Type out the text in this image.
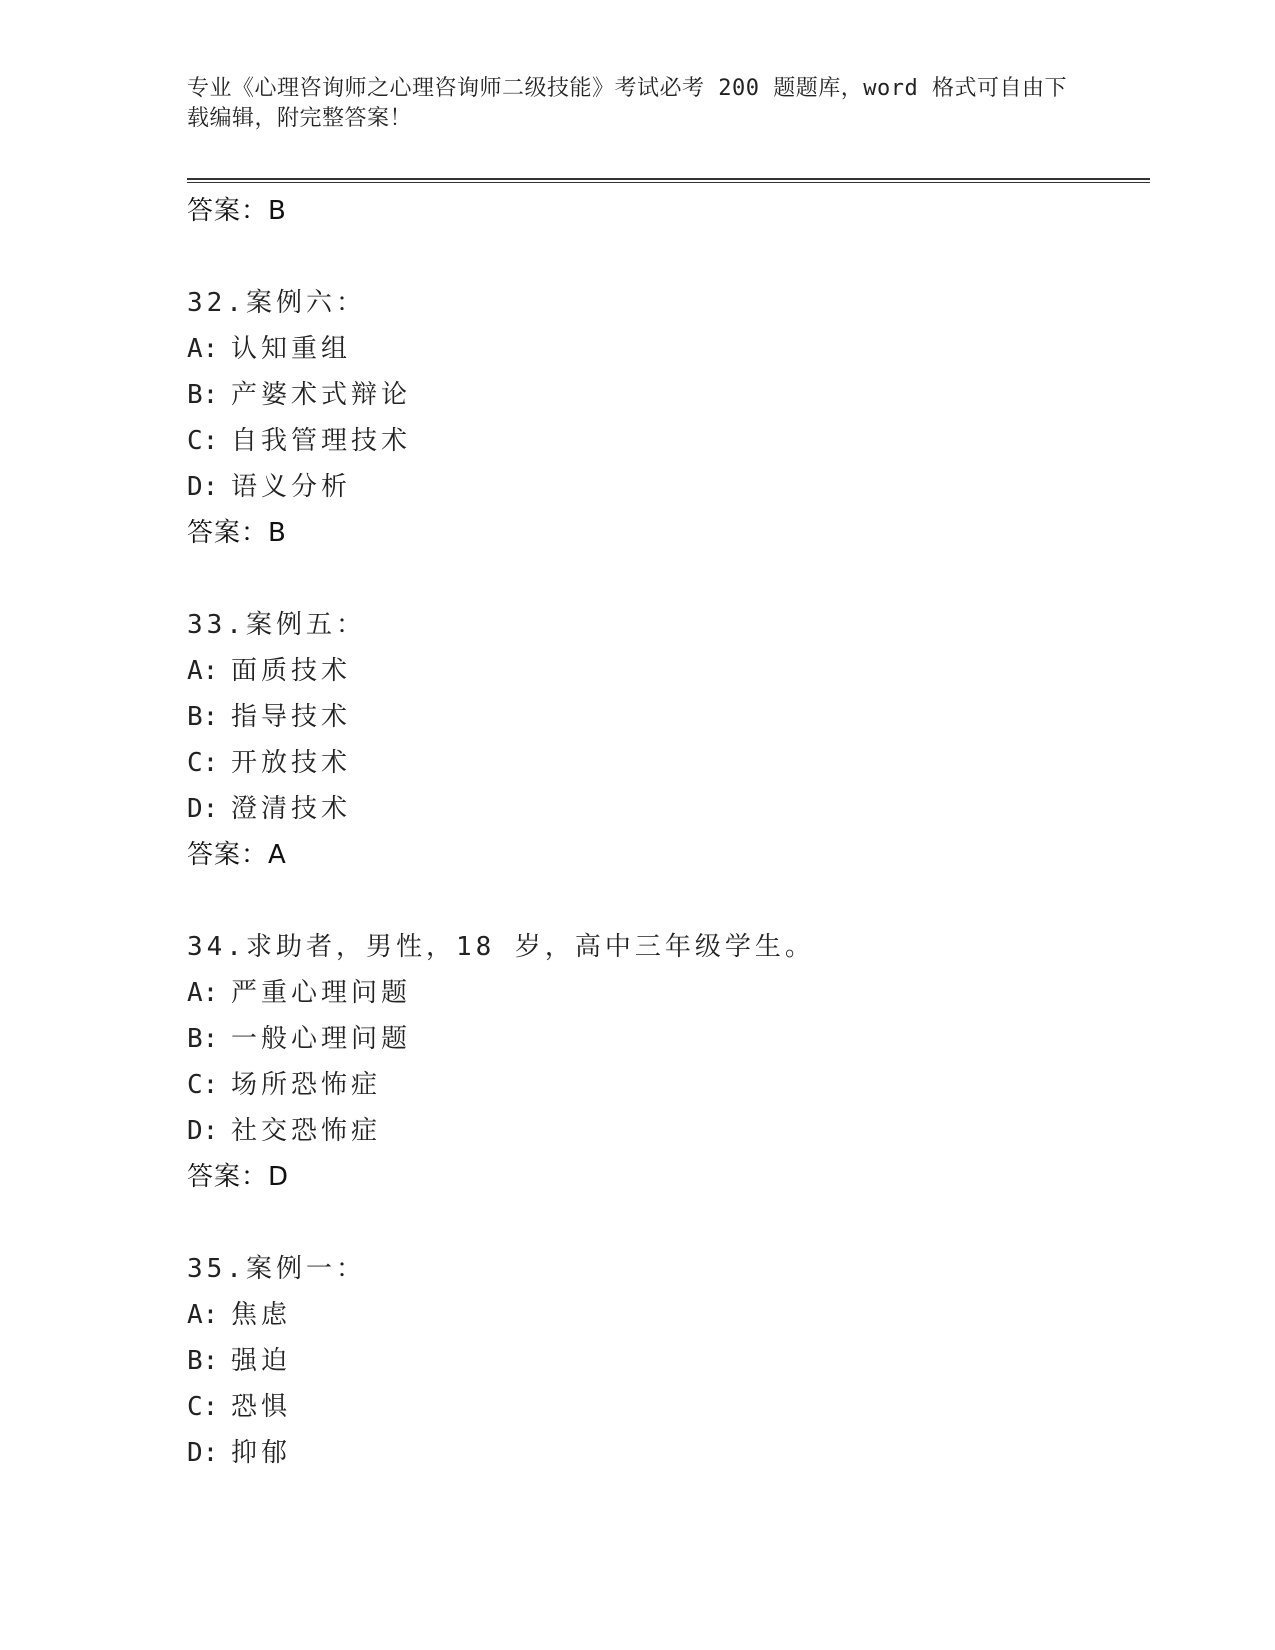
专业《心理咨询师之心理咨询师二级技能》考试必考 200 题题库，word 格式可自由下载编辑，附完整答案！
答案：B
32.案例六：
A: 认知重组
B: 产婆术式辩论
C: 自我管理技术
D: 语义分析
答案：B
33.案例五：
A: 面质技术
B: 指导技术
C: 开放技术
D: 澄清技术
答案：A
34.求助者，男性，18 岁，高中三年级学生。
A: 严重心理问题
B: 一般心理问题
C: 场所恐怖症
D: 社交恐怖症
答案：D
35.案例一：
A: 焦虑
B: 强迫
C: 恐惧
D: 抑郁
